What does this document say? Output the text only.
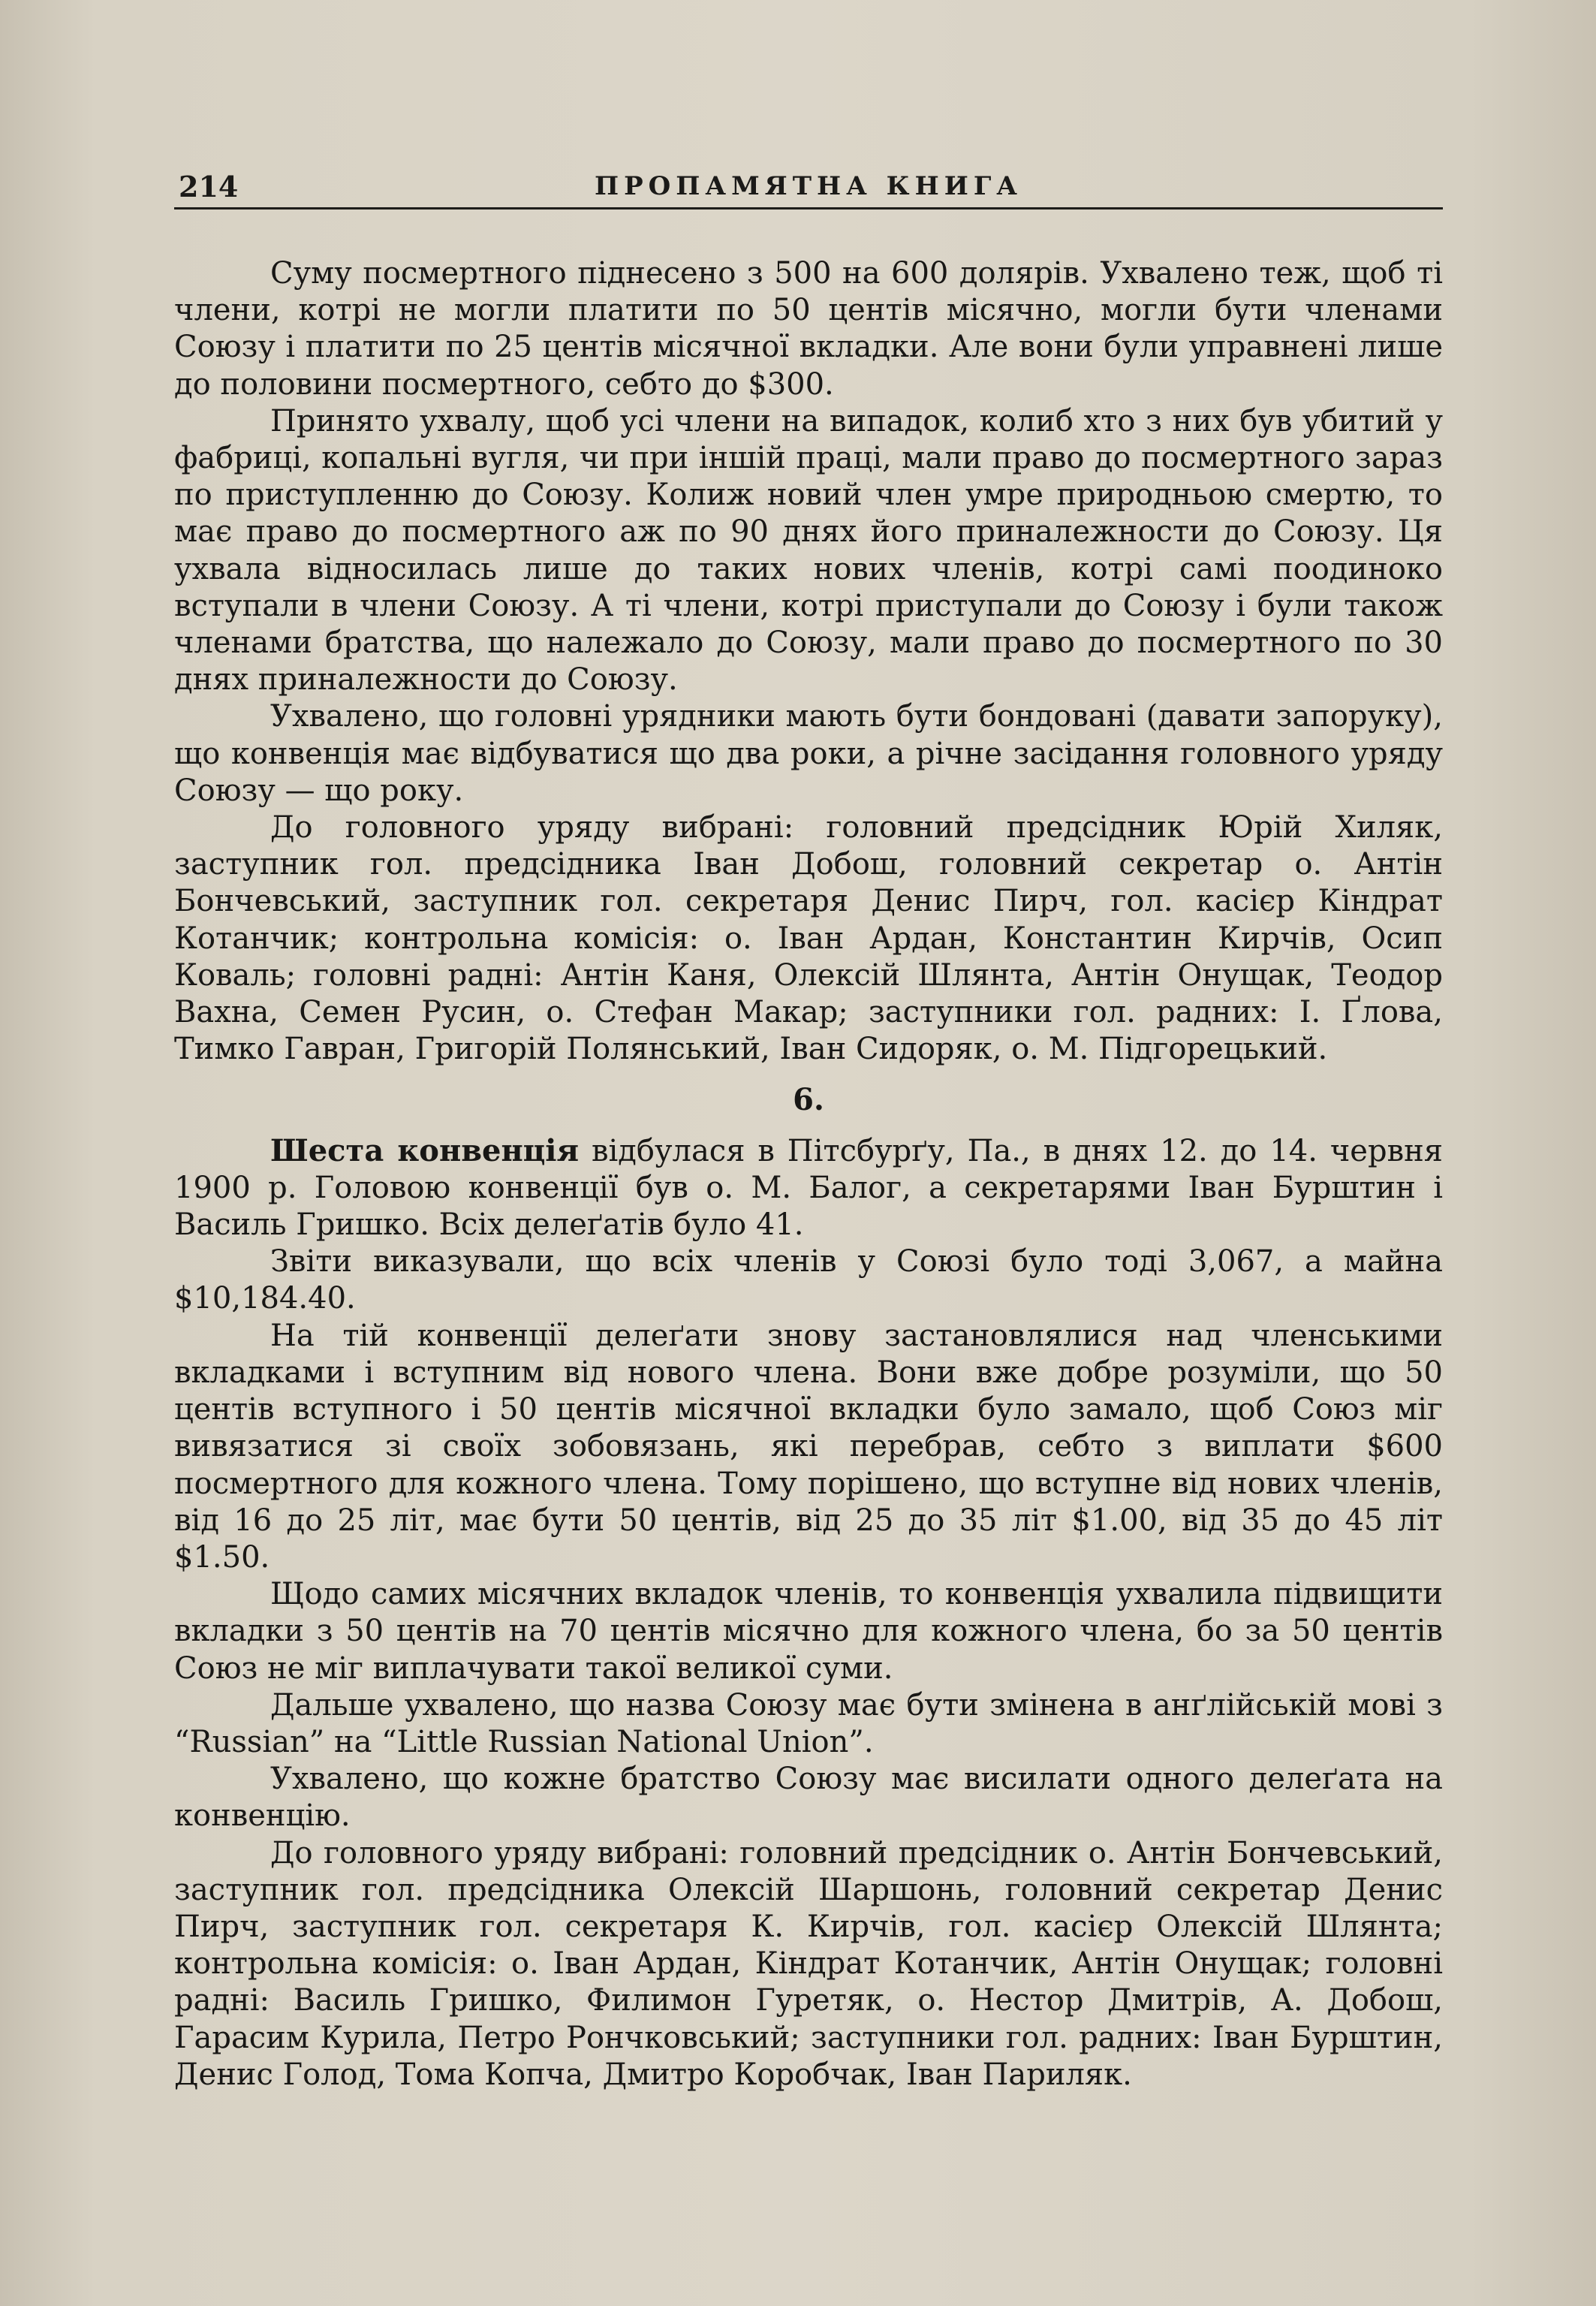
214	ПРОПАМЯТНА КНИГА

Суму посмертного піднесено з 500 на 600 долярів. Ухвалено теж, щоб ті члени, котрі не могли платити по 50 центів місячно, могли бути членами Союзу і платити по 25 центів місячної вкладки. Але вони були управнені лише до половини посмертного, себто до $300.

Принято ухвалу, щоб усі члени на випадок, колиб хто з них був убитий у фабриці, копальні вугля, чи при іншій праці, мали право до посмертного зараз по приступленню до Союзу. Колиж новий член умре природньою смертю, то має право до посмертного аж по 90 днях його приналежности до Союзу. Ця ухвала відносилась лише до таких нових членів, котрі самі поодиноко вступали в члени Союзу. А ті члени, котрі приступали до Союзу і були також членами братства, що належало до Союзу, мали право до посмертного по 30 днях приналежности до Союзу.

Ухвалено, що головні урядники мають бути бондовані (давати запоруку), що конвенція має відбуватися що два роки, а річне засідання головного уряду Союзу — що року.

До головного уряду вибрані: головний предсідник Юрій Хиляк, заступник гол. предсідника Іван Добош, головний секретар о. Антін Бончевський, заступник гол. секретаря Денис Пирч, гол. касієр Кіндрат Котанчик; контрольна комісія: о. Іван Ардан, Константин Кирчів, Осип Коваль; головні радні: Антін Каня, Олексій Шлянта, Антін Онущак, Теодор Вахна, Семен Русин, о. Стефан Макар; заступники гол. радних: І. Ґлова, Тимко Гавран, Григорій Полянський, Іван Сидоряк, о. М. Підгорецький.

6.

Шеста конвенція відбулася в Пітсбурґу, Па., в днях 12. до 14. червня 1900 р. Головою конвенції був о. М. Балог, а секретарями Іван Бурштин і Василь Гришко. Всіх делеґатів було 41.

Звіти виказували, що всіх членів у Союзі було тоді 3,067, а майна $10,184.40.

На тій конвенції делеґати знову застановлялися над членськими вкладками і вступним від нового члена. Вони вже добре розуміли, що 50 центів вступного і 50 центів місячної вкладки було замало, щоб Союз міг вивязатися зі своїх зобовязань, які перебрав, себто з виплати $600 посмертного для кожного члена. Тому порішено, що вступне від нових членів, від 16 до 25 літ, має бути 50 центів, від 25 до 35 літ $1.00, від 35 до 45 літ $1.50.

Щодо самих місячних вкладок членів, то конвенція ухвалила підвищити вкладки з 50 центів на 70 центів місячно для кожного члена, бо за 50 центів Союз не міг виплачувати такої великої суми.

Дальше ухвалено, що назва Союзу має бути змінена в анґлійській мові з “Russian” на “Little Russian National Union”.

Ухвалено, що кожне братство Союзу має висилати одного делеґата на конвенцію.

До головного уряду вибрані: головний предсідник о. Антін Бончевський, заступник гол. предсідника Олексій Шаршонь, головний секретар Денис Пирч, заступник гол. секретаря К. Кирчів, гол. касієр Олексій Шлянта; контрольна комісія: о. Іван Ардан, Кіндрат Котанчик, Антін Онущак; головні радні: Василь Гришко, Филимон Гуретяк, о. Нестор Дмитрів, А. Добош, Гарасим Курила, Петро Рончковський; заступники гол. радних: Іван Бурштин, Денис Голод, Тома Копча, Дмитро Коробчак, Іван Париляк.
